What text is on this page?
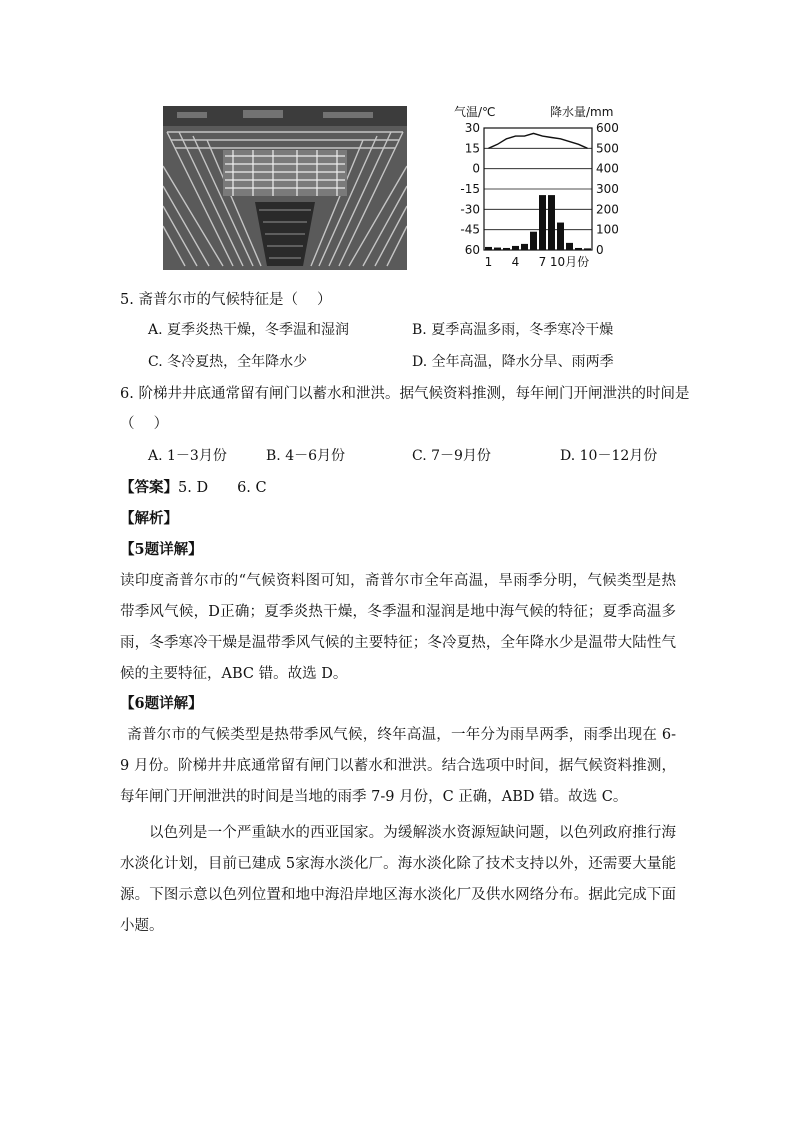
气温/℃	降水量/mm
30
15
0
-15
-30
-45
60
600
500
400
300
200
100
0
1 4 7 10月份
5. 斋普尔市的气候特征是（　 ）
A. 夏季炎热干燥，冬季温和湿润	B. 夏季高温多雨，冬季寒冷干燥
C. 冬冷夏热，全年降水少	D. 全年高温，降水分旱、雨两季
6. 阶梯井井底通常留有闸门以蓄水和泄洪。据气候资料推测，每年闸门开闸泄洪的时间是
（　 ）
A. 1－3月份	B. 4－6月份	C. 7－9月份	D. 10－12月份
【答案】5. D　　6. C
【解析】
【5题详解】
读印度斋普尔市的“气候资料图可知，斋普尔市全年高温，旱雨季分明，气候类型是热带季风气候，D正确；夏季炎热干燥，冬季温和湿润是地中海气候的特征；夏季高温多雨，冬季寒冷干燥是温带季风气候的主要特征；冬冷夏热，全年降水少是温带大陆性气候的主要特征，ABC 错。故选 D。
【6题详解】
斋普尔市的气候类型是热带季风气候，终年高温，一年分为雨旱两季，雨季出现在 6-9 月份。阶梯井井底通常留有闸门以蓄水和泄洪。结合选项中时间，据气候资料推测，每年闸门开闸泄洪的时间是当地的雨季 7-9 月份，C 正确，ABD 错。故选 C。
以色列是一个严重缺水的西亚国家。为缓解淡水资源短缺问题，以色列政府推行海水淡化计划，目前已建成 5家海水淡化厂。海水淡化除了技术支持以外，还需要大量能源。下图示意以色列位置和地中海沿岸地区海水淡化厂及供水网络分布。据此完成下面小题。
